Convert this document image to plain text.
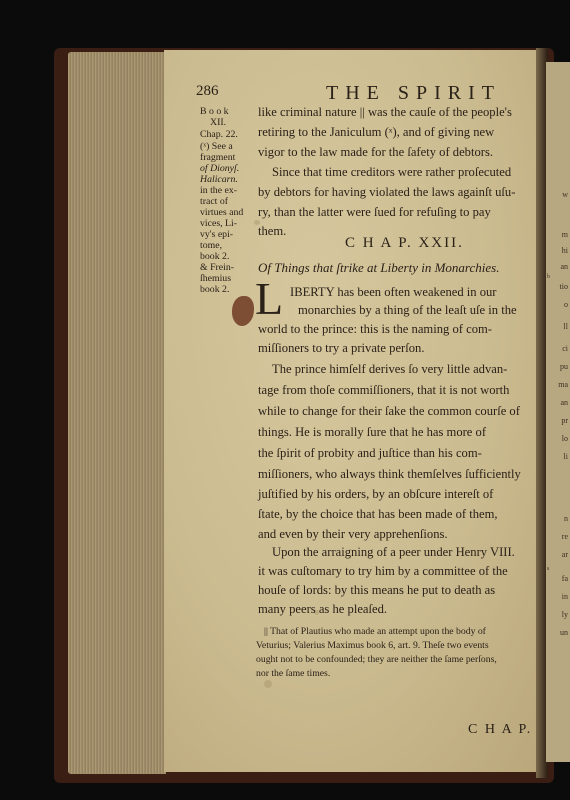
w
m
hi
an
tio
o
ll
ci
pu
ma
an
pr
lo
li
n
re
ar
fa
in
ly
un
b
s
286	THE SPIRIT
B o o k
XII.
Chap. 22.
(ˣ) See a
fragment
of Dionyſ.
Halicarn.
in the ex-
tract of
virtues and
vices, Li-
vy's epi-
tome,
book 2.
& Frein-
ſhemius
book 2.
like criminal nature || was the cauſe of the people's
retiring to the Janiculum (ˣ), and of giving new
vigor to the law made for the ſafety of debtors.
Since that time creditors were rather proſecuted
by debtors for having violated the laws againſt uſu-
ry, than the latter were ſued for refuſing to pay
them.
C H A P. XXII.
Of Things that ſtrike at Liberty in Monarchies.
L IBERTY has been often weakened in our
monarchies by a thing of the leaſt uſe in the
world to the prince: this is the naming of com-
miſſioners to try a private perſon.
The prince himſelf derives ſo very little advan-
tage from thoſe commiſſioners, that it is not worth
while to change for their ſake the common courſe of
things. He is morally ſure that he has more of
the ſpirit of probity and juſtice than his com-
miſſioners, who always think themſelves ſufficiently
juſtified by his orders, by an obſcure intereſt of
ſtate, by the choice that has been made of them,
and even by their very apprehenſions.
Upon the arraigning of a peer under Henry VIII.
it was cuſtomary to try him by a committee of the
houſe of lords: by this means he put to death as
many peers as he pleaſed.
|| That of Plautius who made an attempt upon the body of
Veturius; Valerius Maximus book 6, art. 9. Theſe two events
ought not to be confounded; they are neither the ſame perſons,
nor the ſame times.
C H A P.
